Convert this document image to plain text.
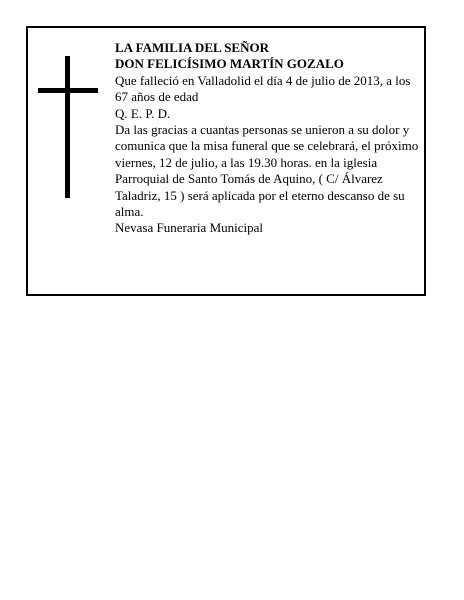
LA FAMILIA DEL SEÑOR

DON FELICÍSIMO MARTÍN GOZALO

Que falleció en Valladolid el día 4 de julio de 2013, a los 67 años de edad

Q. E. P. D.

Da las gracias a cuantas personas se unieron a su dolor y comunica que la misa funeral que se celebrará, el próximo viernes, 12 de julio, a las 19.30 horas. en la iglesia Parroquial de Santo Tomás de Aquino, ( C/ Álvarez Taladriz, 15 ) será aplicada por el eterno descanso de su alma.

Nevasa Funeraria Municipal
